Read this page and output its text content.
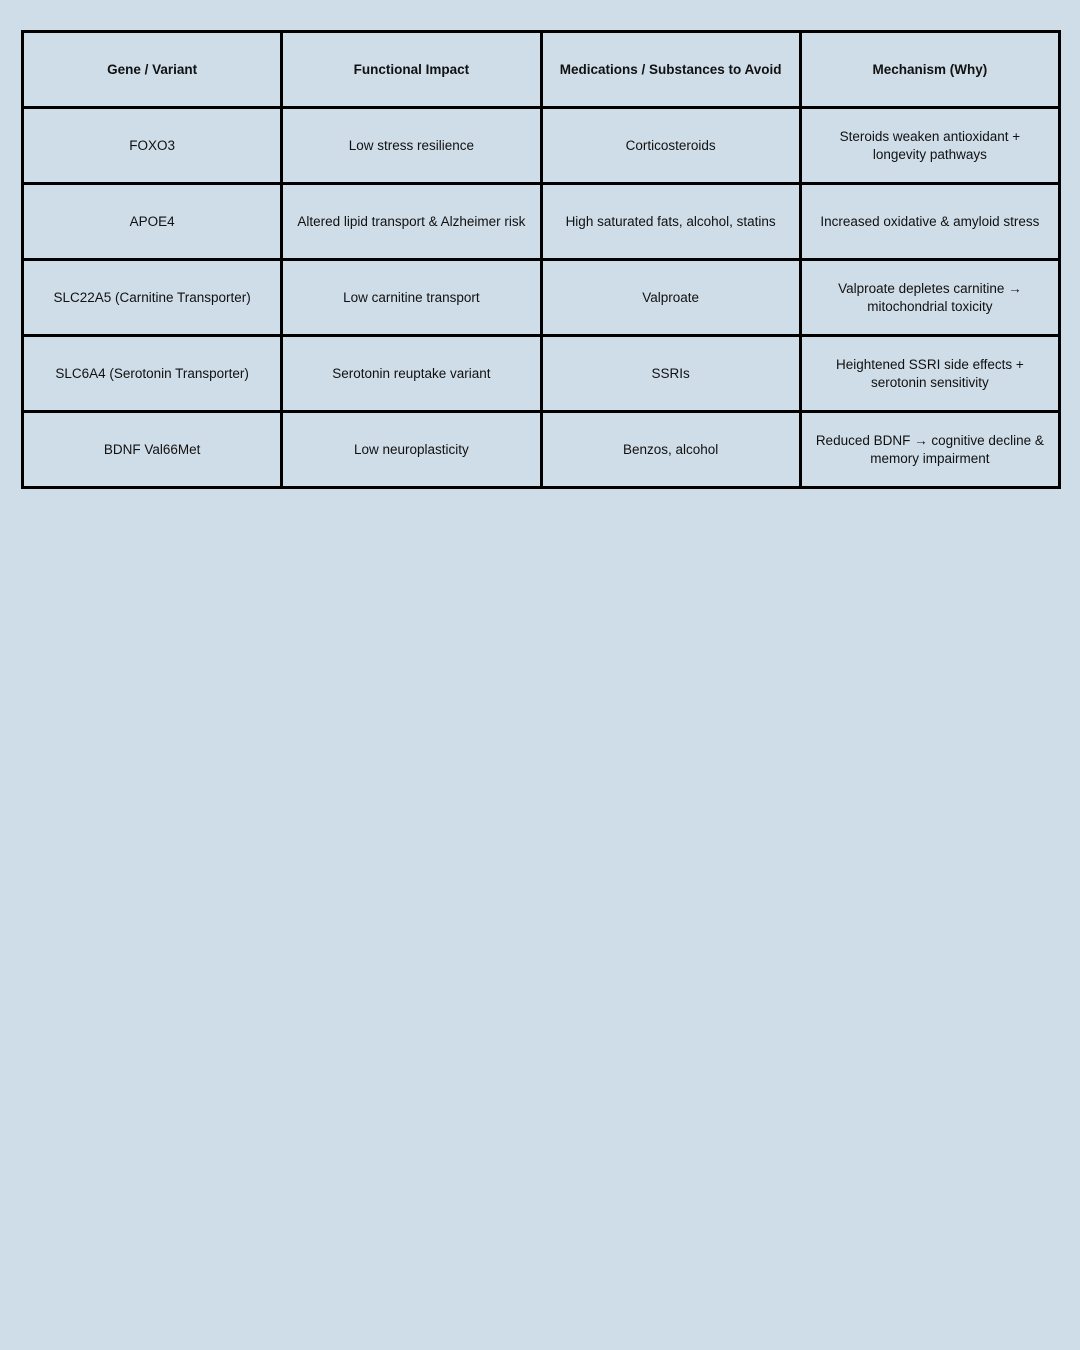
Gene / Variant	Functional Impact	Medications / Substances to Avoid	Mechanism (Why)
FOXO3	Low stress resilience	Corticosteroids	Steroids weaken antioxidant + longevity pathways
APOE4	Altered lipid transport & Alzheimer risk	High saturated fats, alcohol, statins	Increased oxidative & amyloid stress
SLC22A5 (Carnitine Transporter)	Low carnitine transport	Valproate	Valproate depletes carnitine → mitochondrial toxicity
SLC6A4 (Serotonin Transporter)	Serotonin reuptake variant	SSRIs	Heightened SSRI side effects + serotonin sensitivity
BDNF Val66Met	Low neuroplasticity	Benzos, alcohol	Reduced BDNF → cognitive decline & memory impairment
